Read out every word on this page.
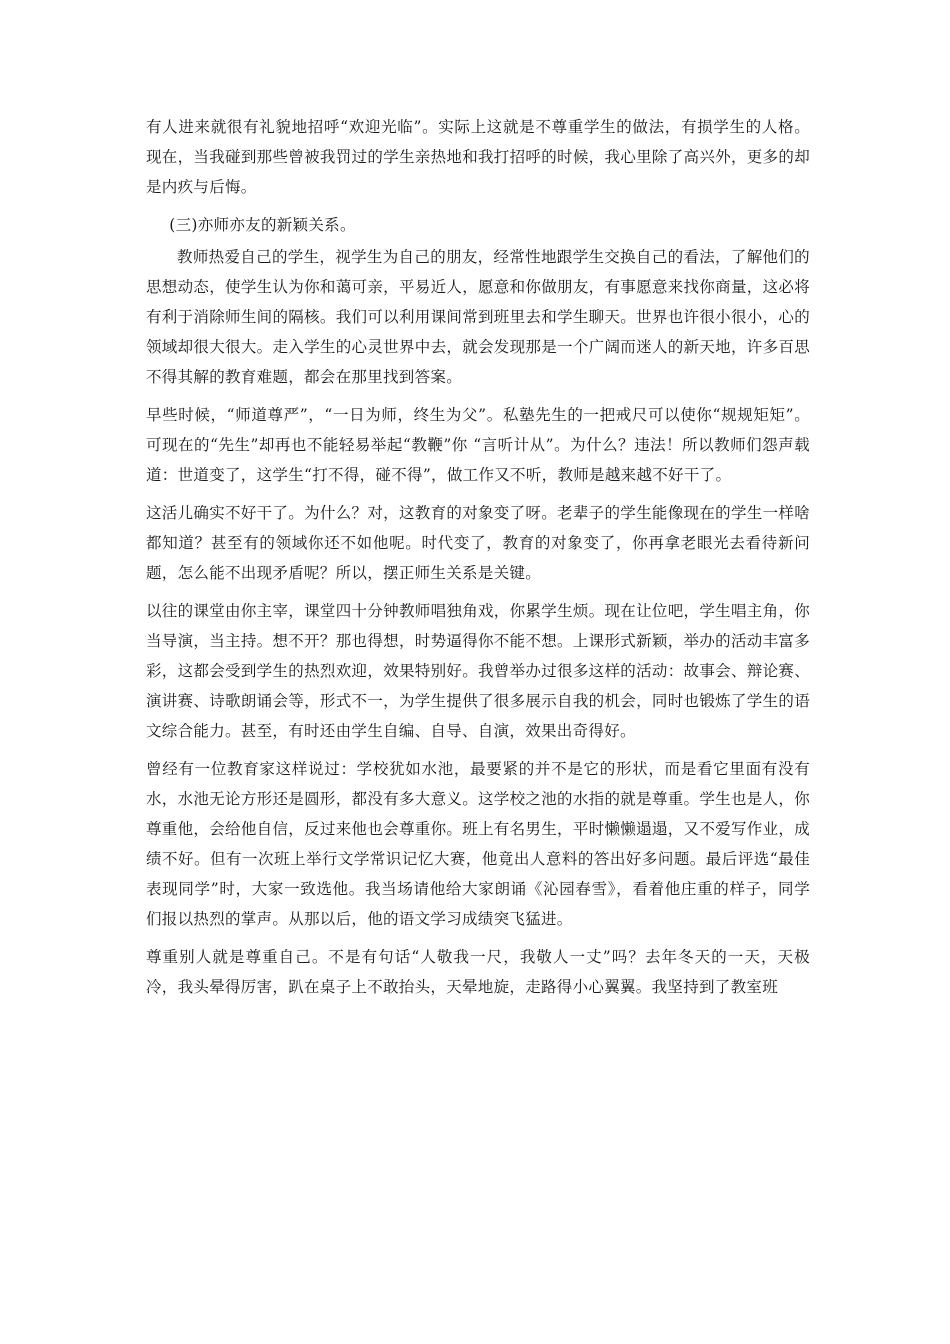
有人进来就很有礼貌地招呼“欢迎光临”。实际上这就是不尊重学生的做法，有损学生的人格。现在，当我碰到那些曾被我罚过的学生亲热地和我打招呼的时候，我心里除了高兴外，更多的却是内疚与后悔。

(三)亦师亦友的新颖关系。

教师热爱自己的学生，视学生为自己的朋友，经常性地跟学生交换自己的看法，了解他们的思想动态，使学生认为你和蔼可亲，平易近人，愿意和你做朋友，有事愿意来找你商量，这必将有利于消除师生间的隔核。我们可以利用课间常到班里去和学生聊天。世界也许很小很小，心的领域却很大很大。走入学生的心灵世界中去，就会发现那是一个广阔而迷人的新天地，许多百思不得其解的教育难题，都会在那里找到答案。

早些时候，“师道尊严”，“一日为师，终生为父”。私塾先生的一把戒尺可以使你“规规矩矩”。可现在的“先生”却再也不能轻易举起“教鞭”你 “言听计从”。为什么？违法！所以教师们怨声载道：世道变了，这学生“打不得，碰不得”，做工作又不听，教师是越来越不好干了。

这活儿确实不好干了。为什么？对，这教育的对象变了呀。老辈子的学生能像现在的学生一样啥都知道？甚至有的领域你还不如他呢。时代变了，教育的对象变了，你再拿老眼光去看待新问题，怎么能不出现矛盾呢？所以，摆正师生关系是关键。

以往的课堂由你主宰，课堂四十分钟教师唱独角戏，你累学生烦。现在让位吧，学生唱主角，你当导演，当主持。想不开？那也得想，时势逼得你不能不想。上课形式新颖，举办的活动丰富多彩，这都会受到学生的热烈欢迎，效果特别好。我曾举办过很多这样的活动：故事会、辩论赛、演讲赛、诗歌朗诵会等，形式不一，为学生提供了很多展示自我的机会，同时也锻炼了学生的语文综合能力。甚至，有时还由学生自编、自导、自演，效果出奇得好。

曾经有一位教育家这样说过：学校犹如水池，最要紧的并不是它的形状，而是看它里面有没有水，水池无论方形还是圆形，都没有多大意义。这学校之池的水指的就是尊重。学生也是人，你尊重他，会给他自信，反过来他也会尊重你。班上有名男生，平时懒懒遢遢，又不爱写作业，成绩不好。但有一次班上举行文学常识记忆大赛，他竟出人意料的答出好多问题。最后评选“最佳表现同学”时，大家一致选他。我当场请他给大家朗诵《沁园春雪》，看着他庄重的样子，同学们报以热烈的掌声。从那以后，他的语文学习成绩突飞猛进。

尊重别人就是尊重自己。不是有句话“人敬我一尺，我敬人一丈”吗？去年冬天的一天，天极冷，我头晕得厉害，趴在桌子上不敢抬头，天晕地旋，走路得小心翼翼。我坚持到了教室班
